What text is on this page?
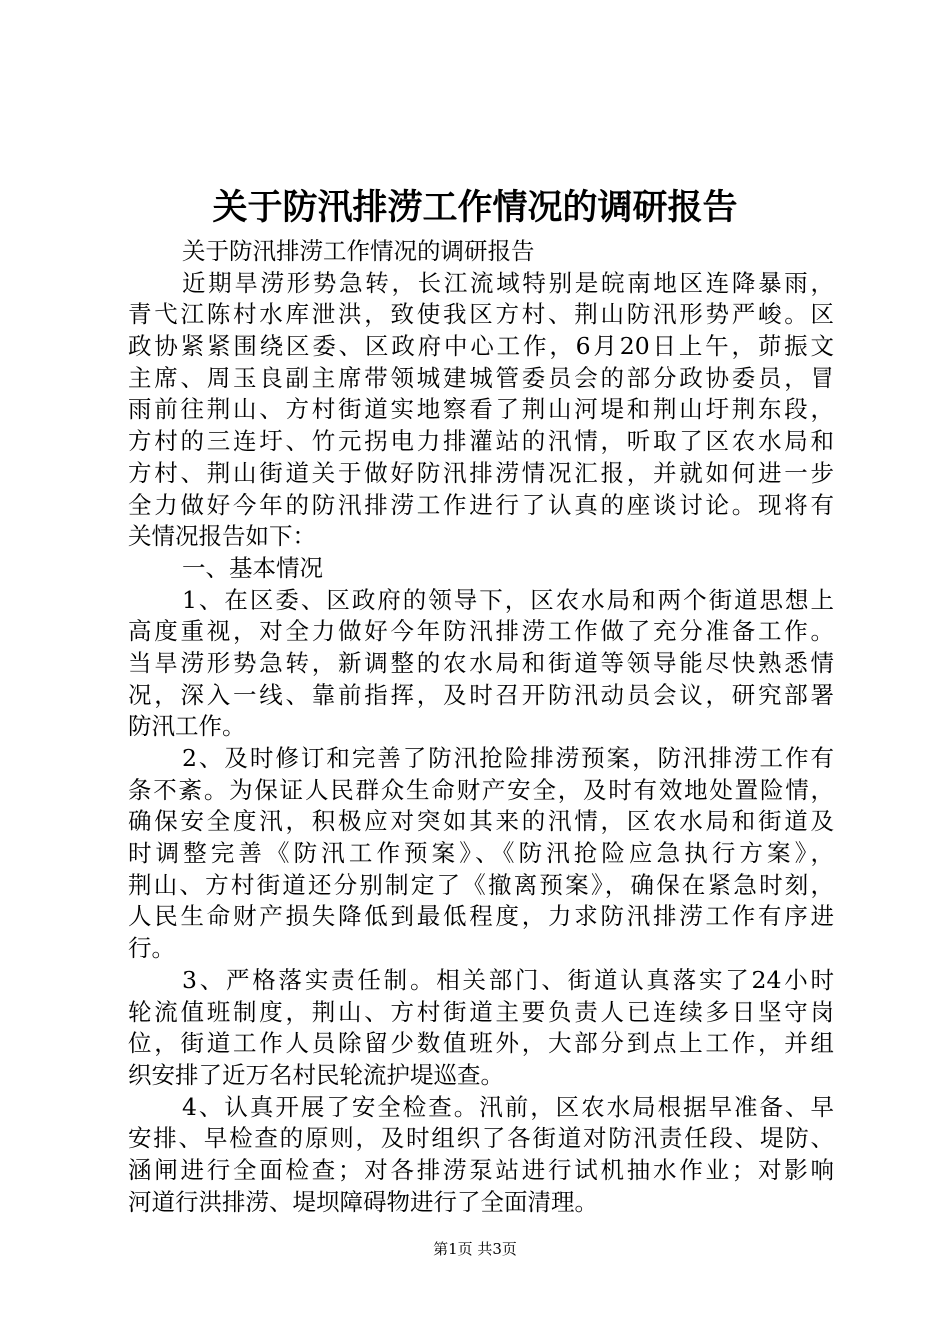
关于防汛排涝工作情况的调研报告
关于防汛排涝工作情况的调研报告
近期旱涝形势急转，长江流域特别是皖南地区连降暴雨，
青弋江陈村水库泄洪，致使我区方村、荆山防汛形势严峻。区
政协紧紧围绕区委、区政府中心工作，6月20日上午，茆振文
主席、周玉良副主席带领城建城管委员会的部分政协委员，冒
雨前往荆山、方村街道实地察看了荆山河堤和荆山圩荆东段，
方村的三连圩、竹元拐电力排灌站的汛情，听取了区农水局和
方村、荆山街道关于做好防汛排涝情况汇报，并就如何进一步
全力做好今年的防汛排涝工作进行了认真的座谈讨论。现将有
关情况报告如下：
一、基本情况
1、在区委、区政府的领导下，区农水局和两个街道思想上
高度重视，对全力做好今年防汛排涝工作做了充分准备工作。
当旱涝形势急转，新调整的农水局和街道等领导能尽快熟悉情
况，深入一线、靠前指挥，及时召开防汛动员会议，研究部署
防汛工作。
2、及时修订和完善了防汛抢险排涝预案，防汛排涝工作有
条不紊。为保证人民群众生命财产安全，及时有效地处置险情，
确保安全度汛，积极应对突如其来的汛情，区农水局和街道及
时调整完善《防汛工作预案》、《防汛抢险应急执行方案》，
荆山、方村街道还分别制定了《撤离预案》，确保在紧急时刻，
人民生命财产损失降低到最低程度，力求防汛排涝工作有序进
行。
3、严格落实责任制。相关部门、街道认真落实了24小时
轮流值班制度，荆山、方村街道主要负责人已连续多日坚守岗
位，街道工作人员除留少数值班外，大部分到点上工作，并组
织安排了近万名村民轮流护堤巡查。
4、认真开展了安全检查。汛前，区农水局根据早准备、早
安排、早检查的原则，及时组织了各街道对防汛责任段、堤防、
涵闸进行全面检查；对各排涝泵站进行试机抽水作业；对影响
河道行洪排涝、堤坝障碍物进行了全面清理。
第1页 共3页
